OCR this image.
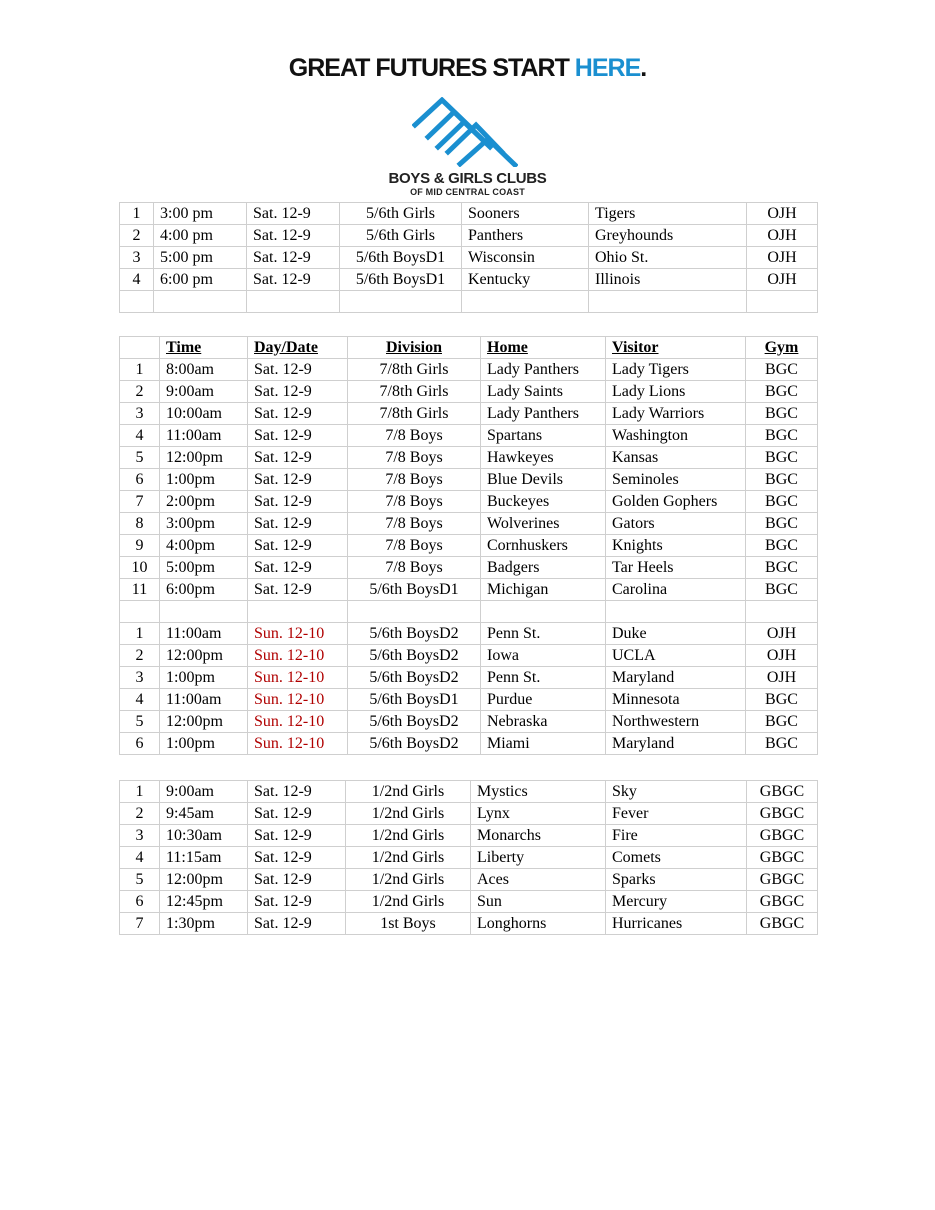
GREAT FUTURES START HERE.
BOYS & GIRLS CLUBS
OF MID CENTRAL COAST
1	3:00 pm	Sat. 12-9	5/6th Girls	Sooners	Tigers	OJH
2	4:00 pm	Sat. 12-9	5/6th Girls	Panthers	Greyhounds	OJH
3	5:00 pm	Sat. 12-9	5/6th BoysD1	Wisconsin	Ohio St.	OJH
4	6:00 pm	Sat. 12-9	5/6th BoysD1	Kentucky	Illinois	OJH

	Time	Day/Date	Division	Home	Visitor	Gym
1	8:00am	Sat. 12-9	7/8th Girls	Lady Panthers	Lady Tigers	BGC
2	9:00am	Sat. 12-9	7/8th Girls	Lady Saints	Lady Lions	BGC
3	10:00am	Sat. 12-9	7/8th Girls	Lady Panthers	Lady Warriors	BGC
4	11:00am	Sat. 12-9	7/8 Boys	Spartans	Washington	BGC
5	12:00pm	Sat. 12-9	7/8 Boys	Hawkeyes	Kansas	BGC
6	1:00pm	Sat. 12-9	7/8 Boys	Blue Devils	Seminoles	BGC
7	2:00pm	Sat. 12-9	7/8 Boys	Buckeyes	Golden Gophers	BGC
8	3:00pm	Sat. 12-9	7/8 Boys	Wolverines	Gators	BGC
9	4:00pm	Sat. 12-9	7/8 Boys	Cornhuskers	Knights	BGC
10	5:00pm	Sat. 12-9	7/8 Boys	Badgers	Tar Heels	BGC
11	6:00pm	Sat. 12-9	5/6th BoysD1	Michigan	Carolina	BGC

1	11:00am	Sun. 12-10	5/6th BoysD2	Penn St.	Duke	OJH
2	12:00pm	Sun. 12-10	5/6th BoysD2	Iowa	UCLA	OJH
3	1:00pm	Sun. 12-10	5/6th BoysD2	Penn St.	Maryland	OJH
4	11:00am	Sun. 12-10	5/6th BoysD1	Purdue	Minnesota	BGC
5	12:00pm	Sun. 12-10	5/6th BoysD2	Nebraska	Northwestern	BGC
6	1:00pm	Sun. 12-10	5/6th BoysD2	Miami	Maryland	BGC
1	9:00am	Sat. 12-9	1/2nd Girls	Mystics	Sky	GBGC
2	9:45am	Sat. 12-9	1/2nd Girls	Lynx	Fever	GBGC
3	10:30am	Sat. 12-9	1/2nd Girls	Monarchs	Fire	GBGC
4	11:15am	Sat. 12-9	1/2nd Girls	Liberty	Comets	GBGC
5	12:00pm	Sat. 12-9	1/2nd Girls	Aces	Sparks	GBGC
6	12:45pm	Sat. 12-9	1/2nd Girls	Sun	Mercury	GBGC
7	1:30pm	Sat. 12-9	1st Boys	Longhorns	Hurricanes	GBGC
